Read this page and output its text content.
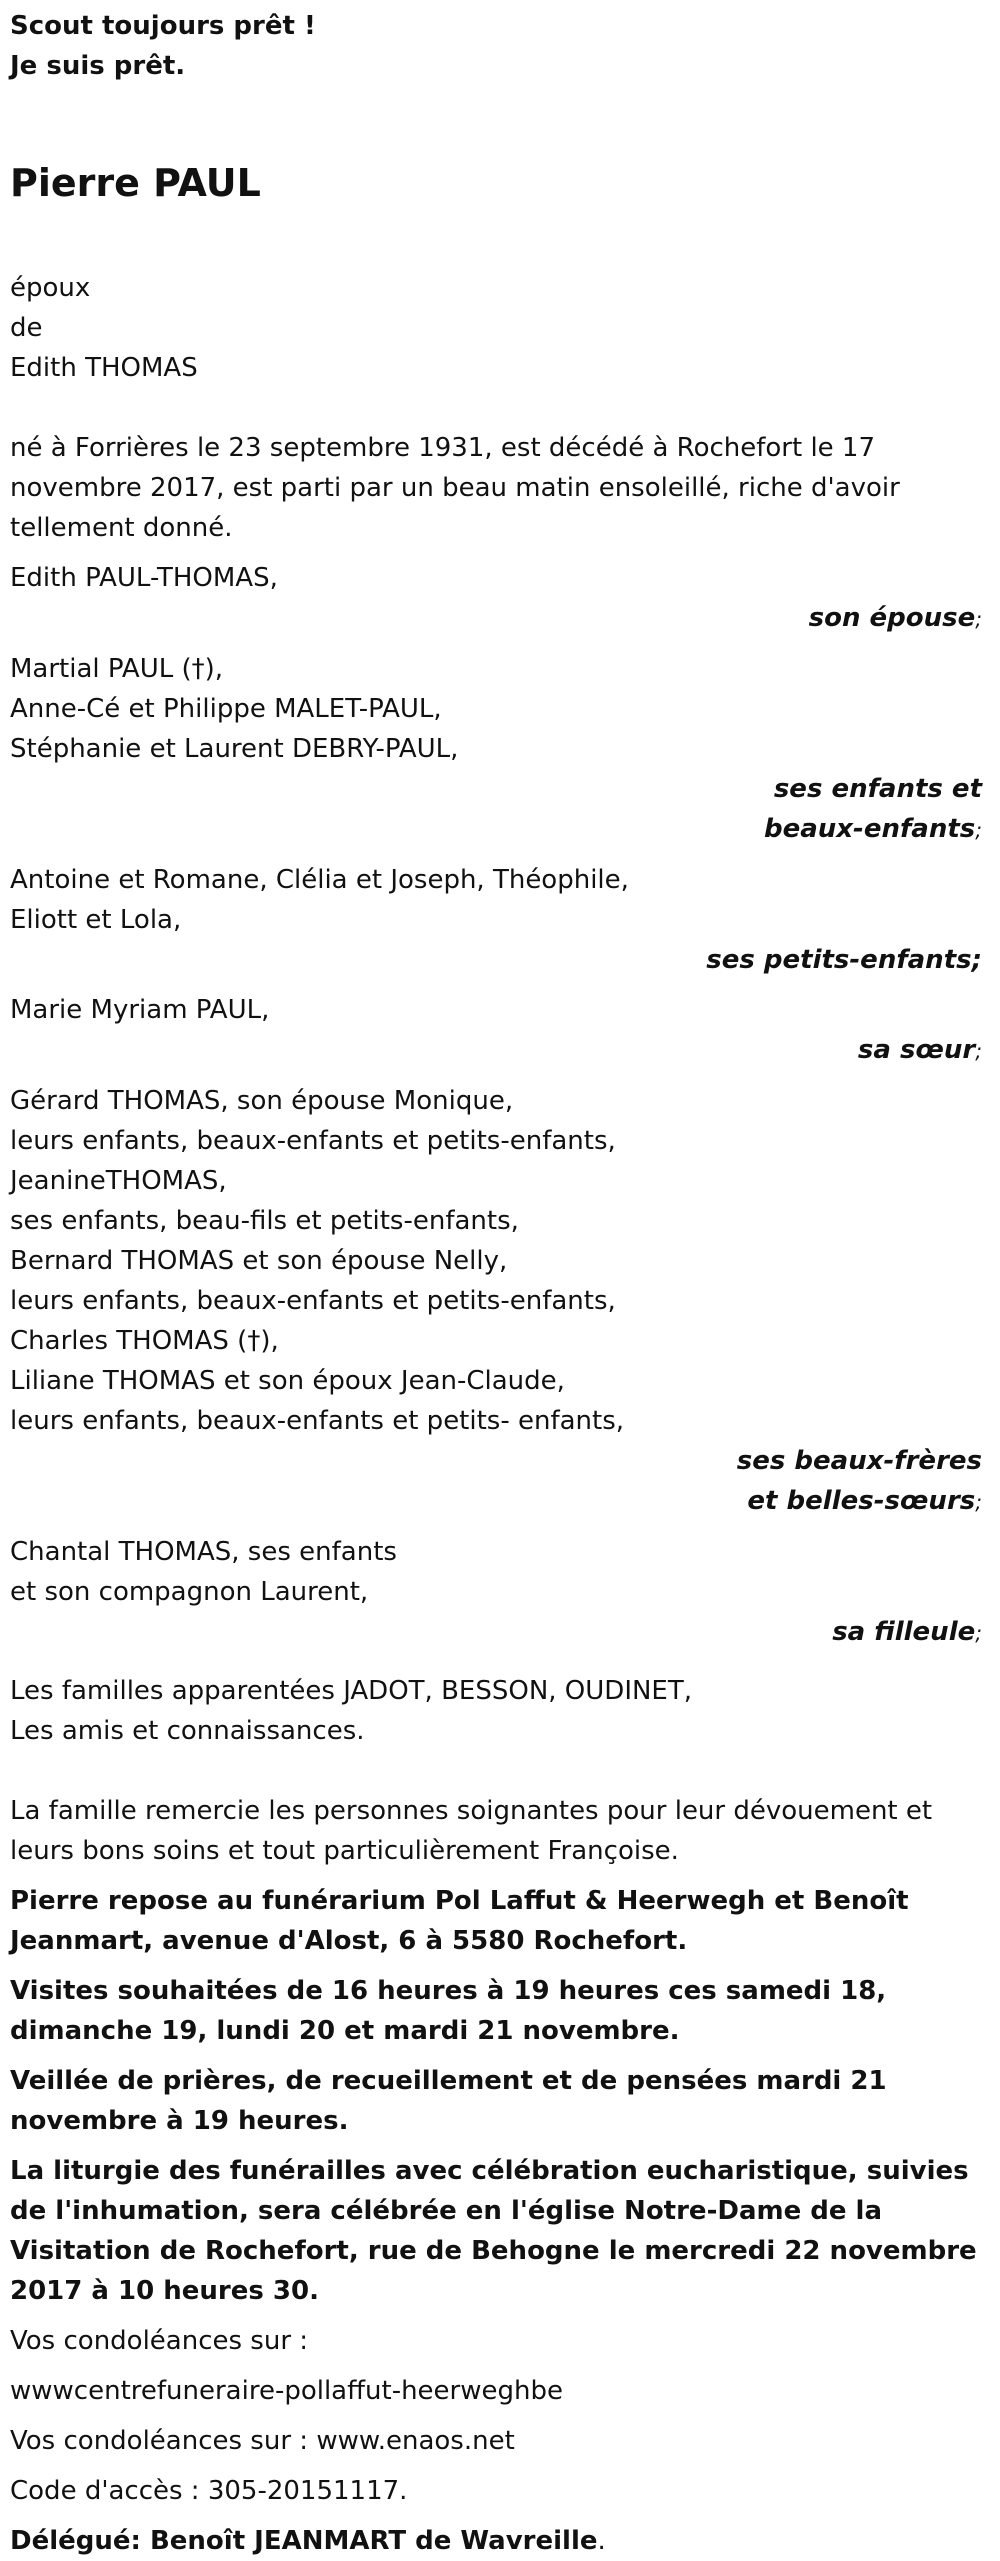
Scout toujours prêt !

Je suis prêt.

Pierre PAUL
époux
de
Edith THOMAS

né à Forrières le 23 septembre 1931, est décédé à Rochefort le 17 novembre 2017, est parti par un beau matin ensoleillé, riche d'avoir tellement donné.

Edith PAUL-THOMAS,
son épouse;
Martial PAUL (†),
Anne-Cé et Philippe MALET-PAUL,
Stéphanie et Laurent DEBRY-PAUL,
ses enfants et
beaux-enfants;
Antoine et Romane, Clélia et Joseph, Théophile,
Eliott et Lola,
ses petits-enfants;
Marie Myriam PAUL,
sa sœur;
Gérard THOMAS, son épouse Monique,
leurs enfants, beaux-enfants et petits-enfants,
JeanineTHOMAS,
ses enfants, beau-fils et petits-enfants,
Bernard THOMAS et son épouse Nelly,
leurs enfants, beaux-enfants et petits-enfants,
Charles THOMAS (†),
Liliane THOMAS et son époux Jean-Claude,
leurs enfants, beaux-enfants et petits- enfants,
ses beaux-frères
et belles-sœurs;
Chantal THOMAS, ses enfants
et son compagnon Laurent,
sa filleule;
Les familles apparentées JADOT, BESSON, OUDINET,
Les amis et connaissances.

La famille remercie les personnes soignantes pour leur dévouement et leurs bons soins et tout particulièrement Françoise.

Pierre repose au funérarium Pol Laffut & Heerwegh et Benoît Jeanmart, avenue d'Alost, 6 à 5580 Rochefort.

Visites souhaitées de 16 heures à 19 heures ces samedi 18, dimanche 19, lundi 20 et mardi 21 novembre.

Veillée de prières, de recueillement et de pensées mardi 21 novembre à 19 heures.

La liturgie des funérailles avec célébration eucharistique, suivies de l'inhumation, sera célébrée en l'église Notre-Dame de la Visitation de Rochefort, rue de Behogne le mercredi 22 novembre 2017 à 10 heures 30.

Vos condoléances sur :

wwwcentrefuneraire-pollaffut-heerweghbe

Vos condoléances sur : www.enaos.net

Code d'accès : 305-20151117.

Délégué: Benoît JEANMART de Wavreille.
